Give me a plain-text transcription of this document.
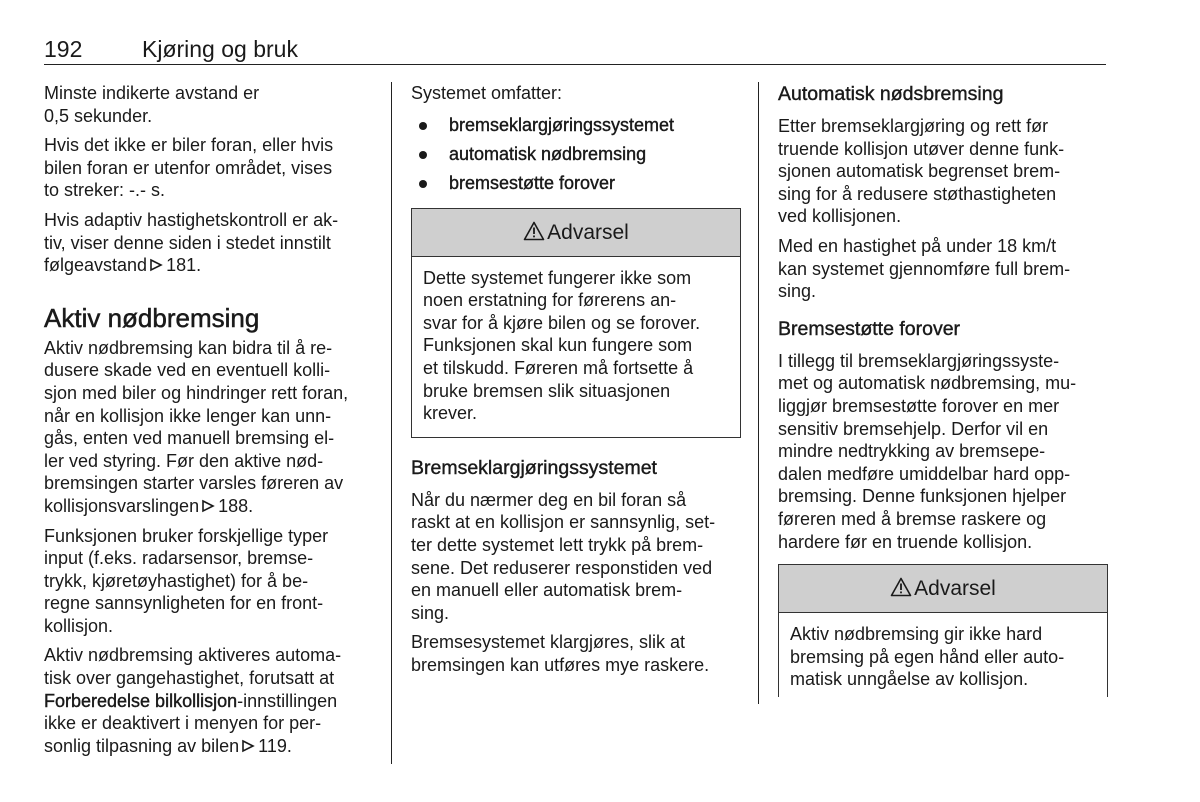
192	Kjøring og bruk

Minste indikerte avstand er
0,5 sekunder.

Hvis det ikke er biler foran, eller hvis
bilen foran er utenfor området, vises
to streker: -.- s.

Hvis adaptiv hastighetskontroll er ak-
tiv, viser denne siden i stedet innstilt
følgeavstand 181.

Aktiv nødbremsing

Aktiv nødbremsing kan bidra til å re-
dusere skade ved en eventuell kolli-
sjon med biler og hindringer rett foran,
når en kollisjon ikke lenger kan unn-
gås, enten ved manuell bremsing el-
ler ved styring. Før den aktive nød-
bremsingen starter varsles føreren av
kollisjonsvarslingen 188.

Funksjonen bruker forskjellige typer
input (f.eks. radarsensor, bremse-
trykk, kjøretøyhastighet) for å be-
regne sannsynligheten for en front-
kollisjon.

Aktiv nødbremsing aktiveres automa-
tisk over gangehastighet, forutsatt at
Forberedelse bilkollisjon-innstillingen
ikke er deaktivert i menyen for per-
sonlig tilpasning av bilen 119.

Systemet omfatter:

bremseklargjøringssystemet
automatisk nødbremsing
bremsestøtte forover
Advarsel

Dette systemet fungerer ikke som
noen erstatning for førerens an-
svar for å kjøre bilen og se forover.
Funksjonen skal kun fungere som
et tilskudd. Føreren må fortsette å
bruke bremsen slik situasjonen
krever.

Bremseklargjøringssystemet

Når du nærmer deg en bil foran så
raskt at en kollisjon er sannsynlig, set-
ter dette systemet lett trykk på brem-
sene. Det reduserer responstiden ved
en manuell eller automatisk brem-
sing.

Bremsesystemet klargjøres, slik at
bremsingen kan utføres mye raskere.

Automatisk nødsbremsing

Etter bremseklargjøring og rett før
truende kollisjon utøver denne funk-
sjonen automatisk begrenset brem-
sing for å redusere støthastigheten
ved kollisjonen.

Med en hastighet på under 18 km/t
kan systemet gjennomføre full brem-
sing.

Bremsestøtte forover

I tillegg til bremseklargjøringssyste-
met og automatisk nødbremsing, mu-
liggjør bremsestøtte forover en mer
sensitiv bremsehjelp. Derfor vil en
mindre nedtrykking av bremsepe-
dalen medføre umiddelbar hard opp-
bremsing. Denne funksjonen hjelper
føreren med å bremse raskere og
hardere før en truende kollisjon.

Advarsel

Aktiv nødbremsing gir ikke hard
bremsing på egen hånd eller auto-
matisk unngåelse av kollisjon.
